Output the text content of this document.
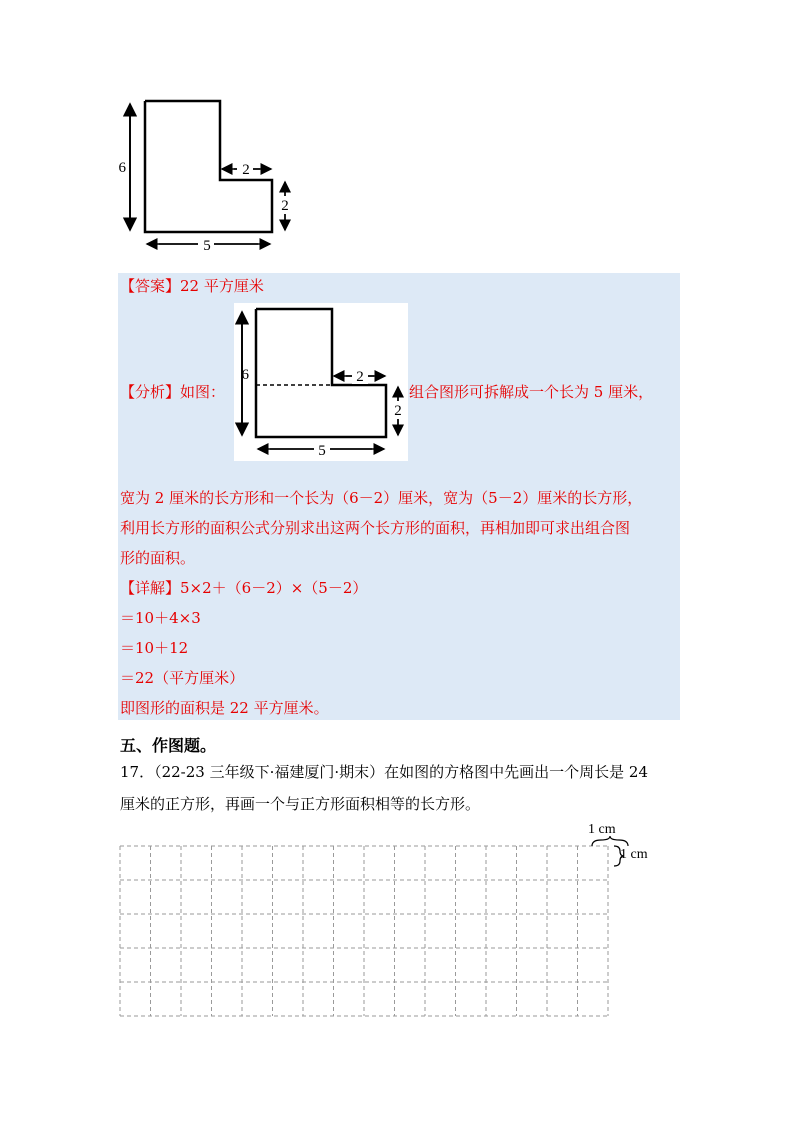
6	2
2
5
【答案】22 平方厘米
【分析】如图：
6	2
2
5
组合图形可拆解成一个长为 5 厘米，
宽为 2 厘米的长方形和一个长为（6－2）厘米，宽为（5－2）厘米的长方形，
利用长方形的面积公式分别求出这两个长方形的面积，再相加即可求出组合图
形的面积。
【详解】5×2＋（6－2）×（5－2）
＝10＋4×3
＝10＋12
＝22（平方厘米）
即图形的面积是 22 平方厘米。
五、作图题。
17．（22-23 三年级下·福建厦门·期末）在如图的方格图中先画出一个周长是 24
厘米的正方形，再画一个与正方形面积相等的长方形。
1 cm
1 cm
